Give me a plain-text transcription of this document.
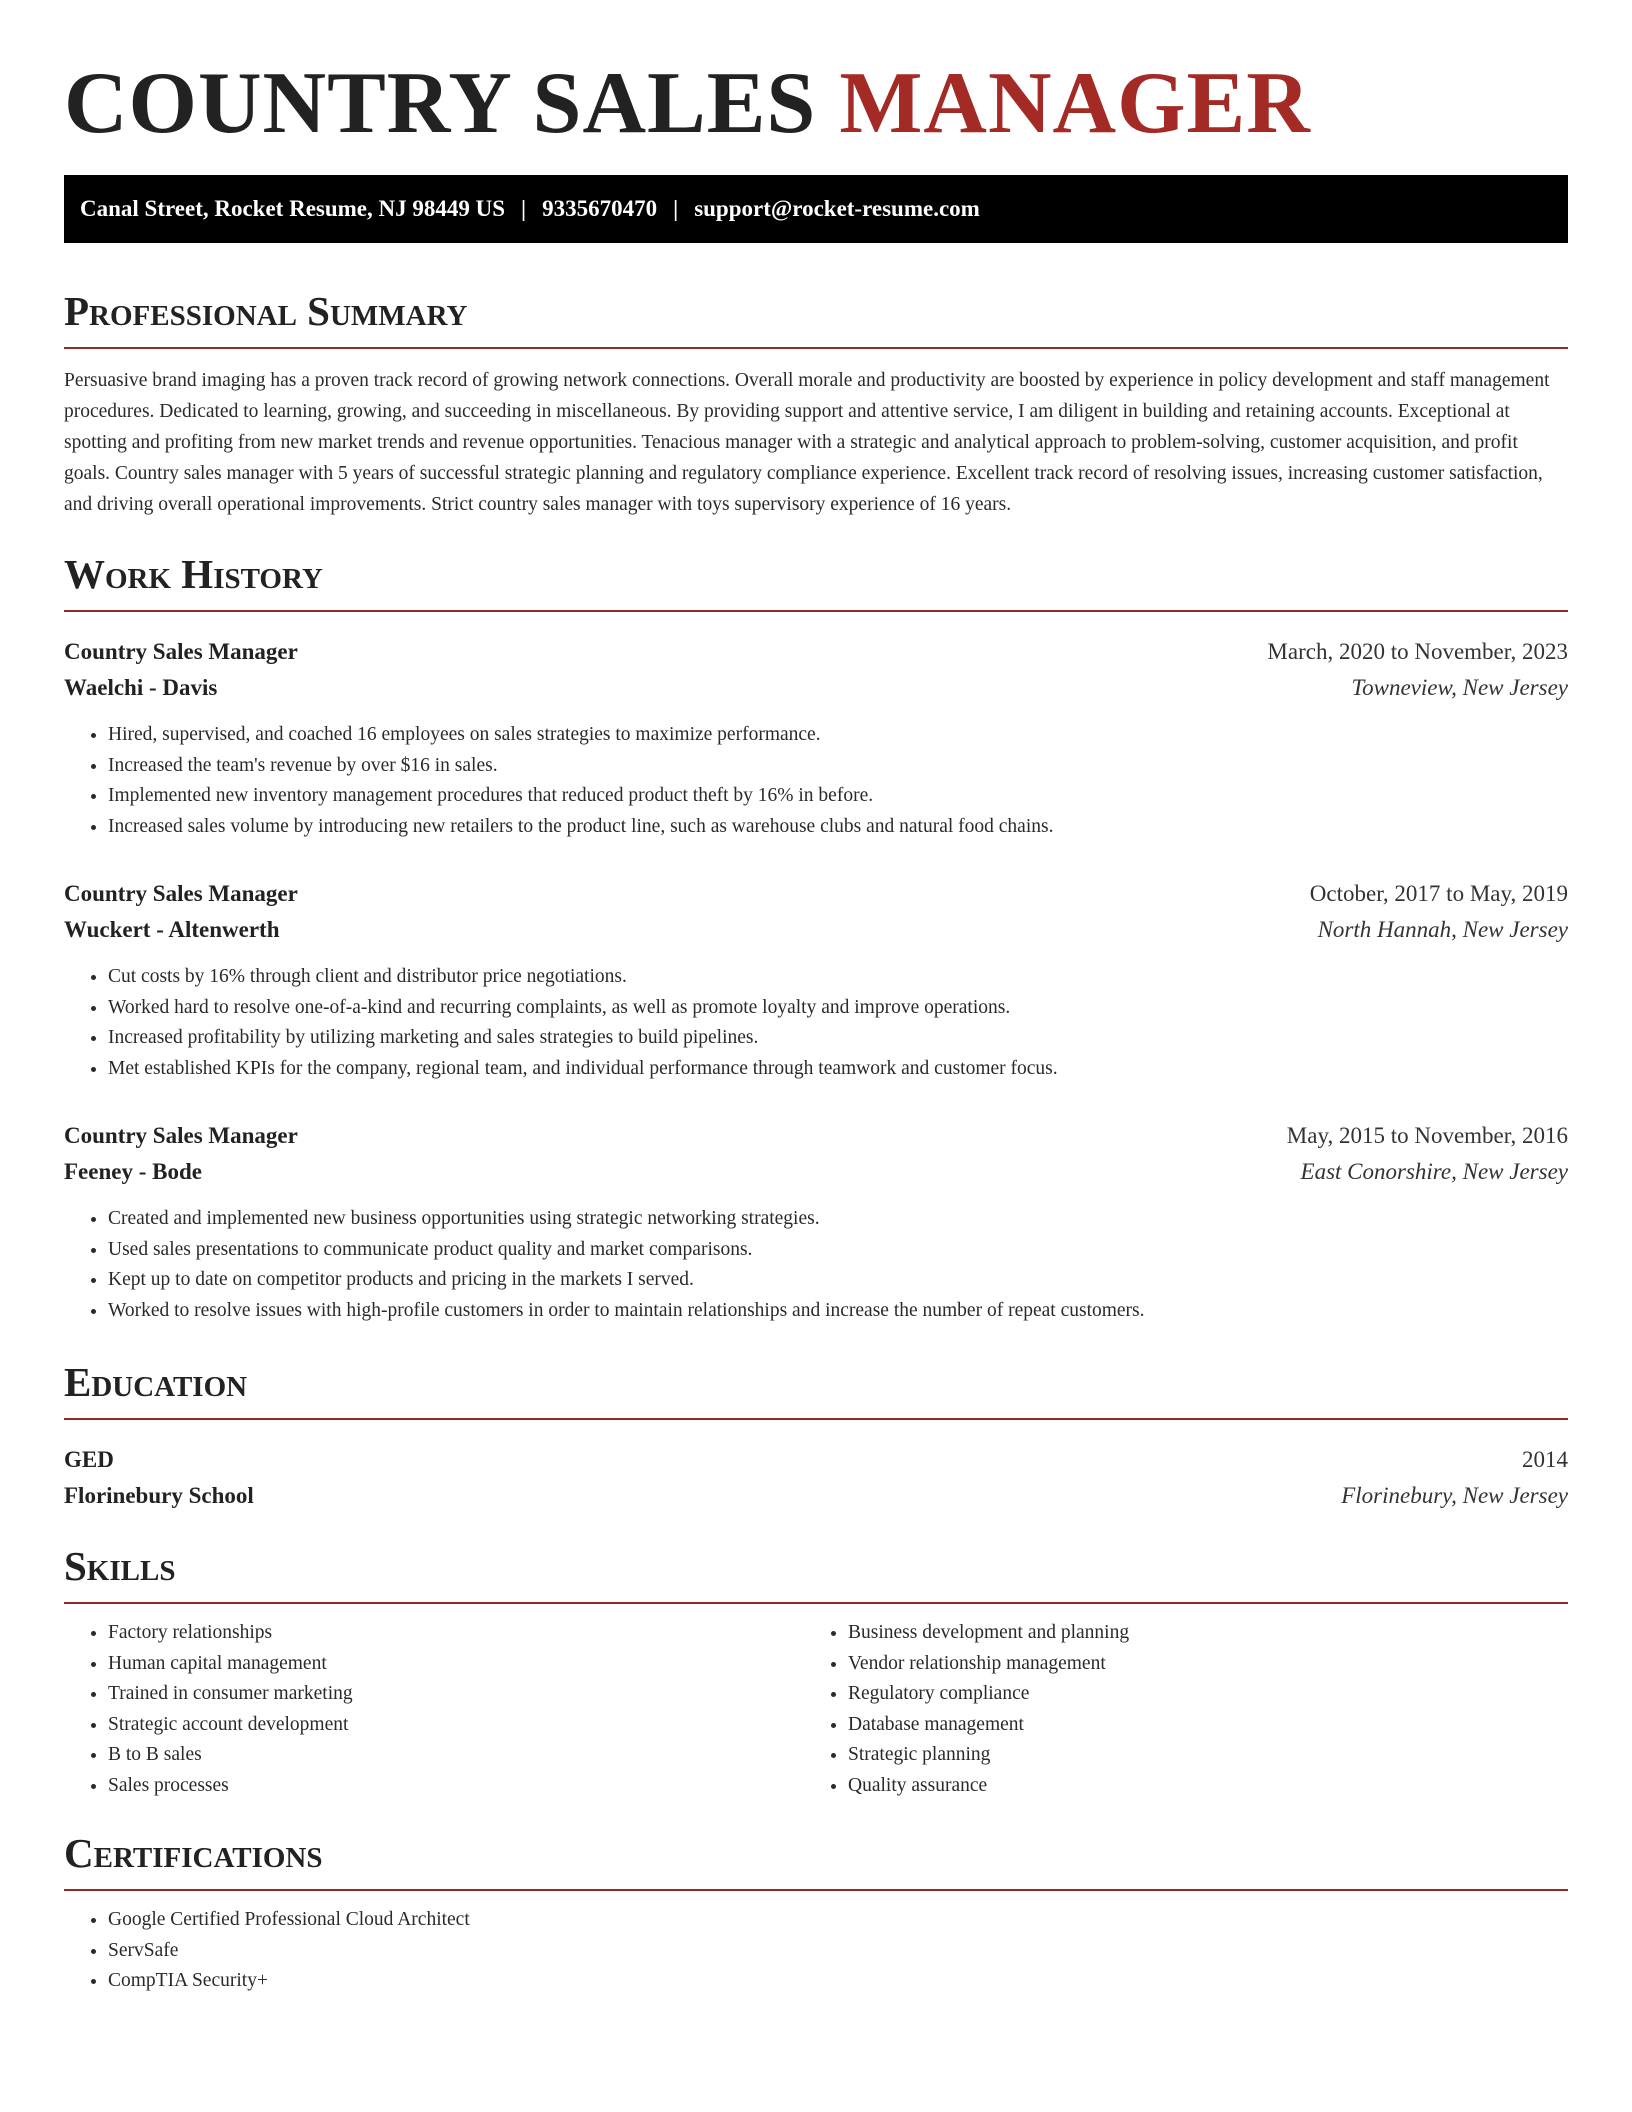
COUNTRY SALES MANAGER
Canal Street, Rocket Resume, NJ 98449 US | 9335670470 | support@rocket-resume.com
Professional Summary

Persuasive brand imaging has a proven track record of growing network connections. Overall morale and productivity are boosted by experience in policy development and staff management procedures. Dedicated to learning, growing, and succeeding in miscellaneous. By providing support and attentive service, I am diligent in building and retaining accounts. Exceptional at spotting and profiting from new market trends and revenue opportunities. Tenacious manager with a strategic and analytical approach to problem-solving, customer acquisition, and profit goals. Country sales manager with 5 years of successful strategic planning and regulatory compliance experience. Excellent track record of resolving issues, increasing customer satisfaction, and driving overall operational improvements. Strict country sales manager with toys supervisory experience of 16 years.

Work History
Country Sales Manager	March, 2020 to November, 2023
Waelchi - Davis	Towneview, New Jersey
• Hired, supervised, and coached 16 employees on sales strategies to maximize performance.
• Increased the team's revenue by over $16 in sales.
• Implemented new inventory management procedures that reduced product theft by 16% in before.
• Increased sales volume by introducing new retailers to the product line, such as warehouse clubs and natural food chains.
Country Sales Manager	October, 2017 to May, 2019
Wuckert - Altenwerth	North Hannah, New Jersey
• Cut costs by 16% through client and distributor price negotiations.
• Worked hard to resolve one-of-a-kind and recurring complaints, as well as promote loyalty and improve operations.
• Increased profitability by utilizing marketing and sales strategies to build pipelines.
• Met established KPIs for the company, regional team, and individual performance through teamwork and customer focus.
Country Sales Manager	May, 2015 to November, 2016
Feeney - Bode	East Conorshire, New Jersey
• Created and implemented new business opportunities using strategic networking strategies.
• Used sales presentations to communicate product quality and market comparisons.
• Kept up to date on competitor products and pricing in the markets I served.
• Worked to resolve issues with high-profile customers in order to maintain relationships and increase the number of repeat customers.
Education
GED	2014
Florinebury School	Florinebury, New Jersey
Skills
• Factory relationships
• Human capital management
• Trained in consumer marketing
• Strategic account development
• B to B sales
• Sales processes
• Business development and planning
• Vendor relationship management
• Regulatory compliance
• Database management
• Strategic planning
• Quality assurance
Certifications
• Google Certified Professional Cloud Architect
• ServSafe
• CompTIA Security+
